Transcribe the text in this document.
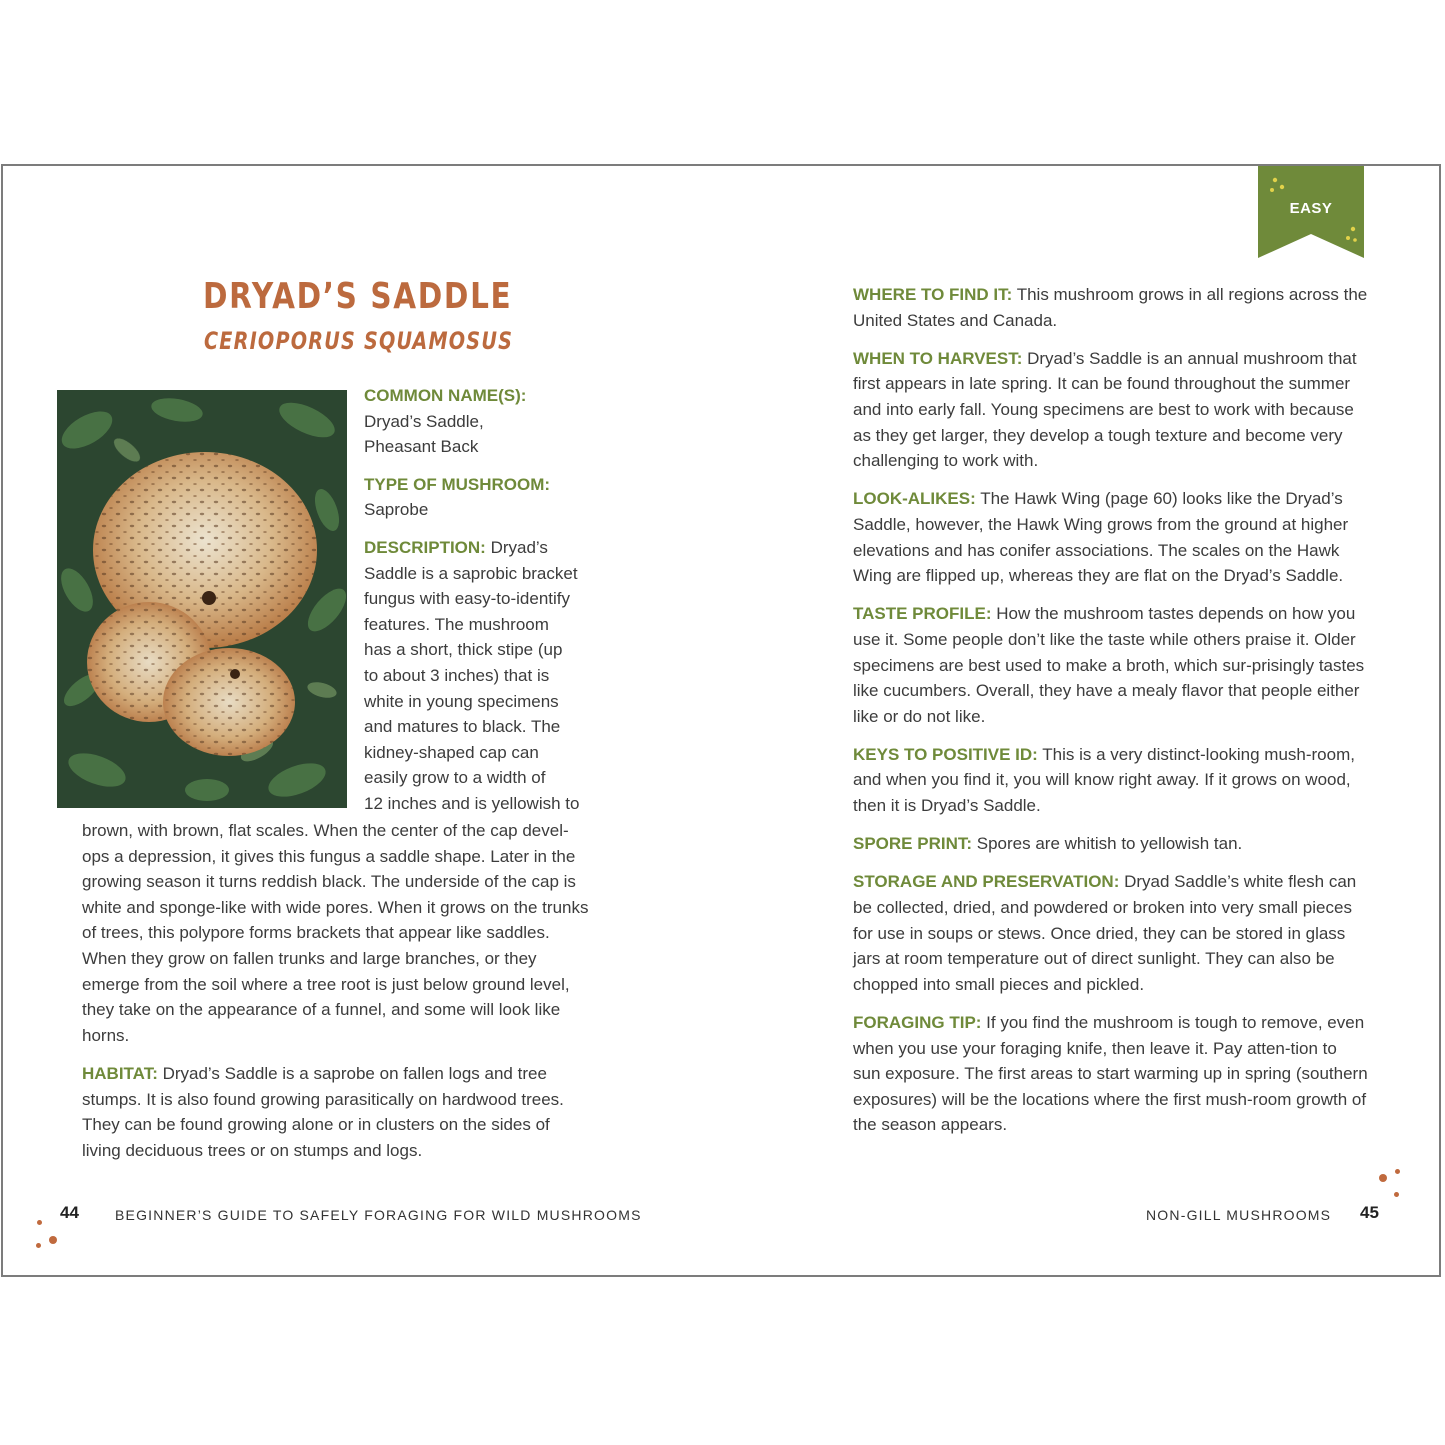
DRYAD’S SADDLE
CERIOPORUS SQUAMOSUS
COMMON NAME(S):
Dryad’s Saddle,
Pheasant Back
TYPE OF MUSHROOM:
Saprobe
DESCRIPTION: Dryad’s
Saddle is a saprobic bracket
fungus with easy-to-identify
features. The mushroom
has a short, thick stipe (up
to about 3 inches) that is
white in young specimens
and matures to black. The
kidney-shaped cap can
easily grow to a width of
12 inches and is yellowish to

brown, with brown, flat scales. When the center of the cap devel-ops a depression, it gives this fungus a saddle shape. Later in the growing season it turns reddish black. The underside of the cap is white and sponge-like with wide pores. When it grows on the trunks of trees, this polypore forms brackets that appear like saddles. When they grow on fallen trunks and large branches, or they emerge from the soil where a tree root is just below ground level, they take on the appearance of a funnel, and some will look like horns.

HABITAT: Dryad’s Saddle is a saprobe on fallen logs and tree stumps. It is also found growing parasitically on hardwood trees. They can be found growing alone or in clusters on the sides of living deciduous trees or on stumps and logs.

EASY

WHERE TO FIND IT: This mushroom grows in all regions across the United States and Canada.

WHEN TO HARVEST: Dryad’s Saddle is an annual mushroom that first appears in late spring. It can be found throughout the summer and into early fall. Young specimens are best to work with because as they get larger, they develop a tough texture and become very challenging to work with.

LOOK-ALIKES: The Hawk Wing (page 60) looks like the Dryad’s Saddle, however, the Hawk Wing grows from the ground at higher elevations and has conifer associations. The scales on the Hawk Wing are flipped up, whereas they are flat on the Dryad’s Saddle.

TASTE PROFILE: How the mushroom tastes depends on how you use it. Some people don’t like the taste while others praise it. Older specimens are best used to make a broth, which sur-prisingly tastes like cucumbers. Overall, they have a mealy flavor that people either like or do not like.

KEYS TO POSITIVE ID: This is a very distinct-looking mush-room, and when you find it, you will know right away. If it grows on wood, then it is Dryad’s Saddle.

SPORE PRINT: Spores are whitish to yellowish tan.

STORAGE AND PRESERVATION: Dryad Saddle’s white flesh can be collected, dried, and powdered or broken into very small pieces for use in soups or stews. Once dried, they can be stored in glass jars at room temperature out of direct sunlight. They can also be chopped into small pieces and pickled.

FORAGING TIP: If you find the mushroom is tough to remove, even when you use your foraging knife, then leave it. Pay atten-tion to sun exposure. The first areas to start warming up in spring (southern exposures) will be the locations where the first mush-room growth of the season appears.

44	BEGINNER’S GUIDE TO SAFELY FORAGING FOR WILD MUSHROOMS	NON-GILL MUSHROOMS 45
